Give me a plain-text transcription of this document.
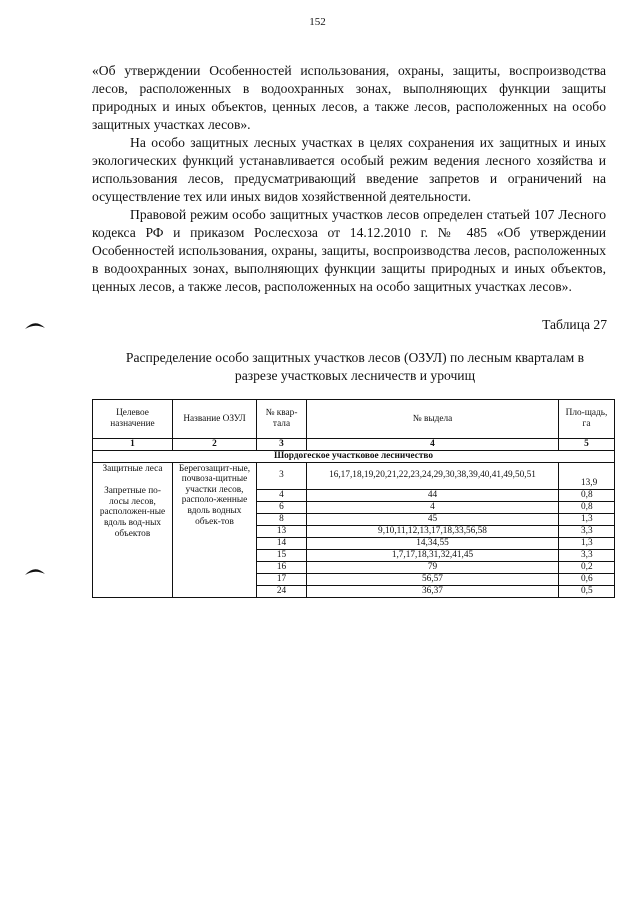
152

«Об утверждении Особенностей использования, охраны, защиты, воспроизводства лесов, расположенных в водоохранных зонах, выполняющих функции защиты природных и иных объектов, ценных лесов, а также лесов, расположенных на особо защитных участках лесов».

На особо защитных лесных участках в целях сохранения их защитных и иных экологических функций устанавливается особый режим ведения лесного хозяйства и использования лесов, предусматривающий введение запретов и ограничений на осуществление тех или иных видов хозяйственной деятельности.

Правовой режим особо защитных участков лесов определен статьей 107 Лесного кодекса РФ и приказом Рослесхоза от 14.12.2010 г. № 485 «Об утверждении Особенностей использования, охраны, защиты, воспроизводства лесов, расположенных в водоохранных зонах, выполняющих функции защиты природных и иных объектов, ценных лесов, а также лесов, расположенных на особо защитных участках лесов».

Таблица 27
Распределение особо защитных участков лесов (ОЗУЛ) по лесным кварталам в разрезе участковых лесничеств и урочищ
Целевое назначение	Название ОЗУЛ	№ квар-тала	№ выдела	Пло-щадь, га
1	2	3	4	5
Шордогеское участковое лесничество				

Защитные леса
Запретные по-лосы лесов, расположен-ные вдоль вод-ных объектов	Берегозащит-ные, почвоза-щитные участки лесов, располо-женные вдоль водных объек-тов	3	16,17,18,19,20,21,22,23,24,29,30,38,39,40,41,49,50,51	13,9
		4	44	0,8
		6	4	0,8
		8	45	1,3
		13	9,10,11,12,13,17,18,33,56,58	3,3
		14	14,34,55	1,3
		15	1,7,17,18,31,32,41,45	3,3
		16	79	0,2
		17	56,57	0,6
		24	36,37	0,5
